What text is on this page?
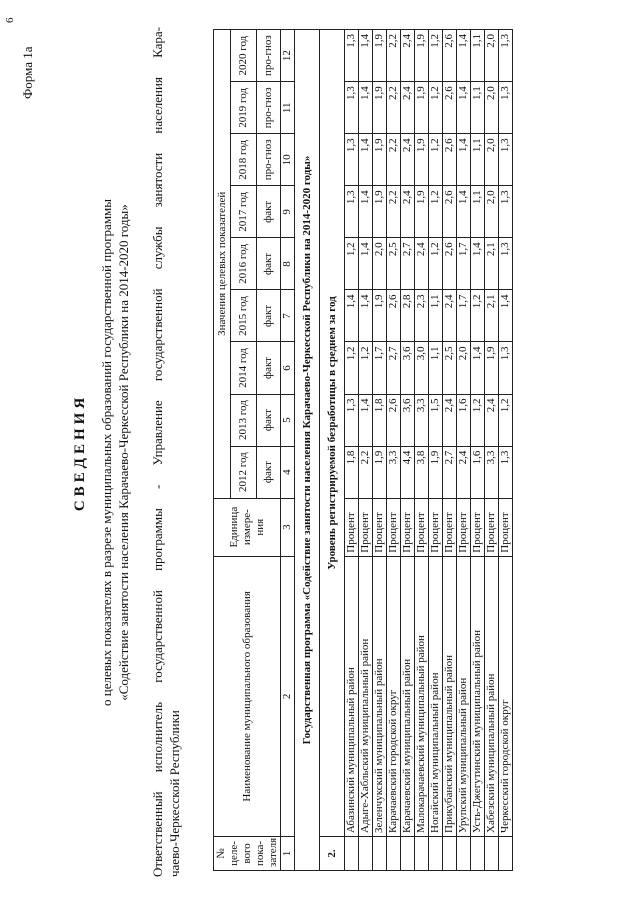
6
Форма 1а
СВЕДЕНИЯ о целевых показателях в разрезе муниципальных образований государственной программы «Содействие занятости населения Карачаево-Черкесской Республики на 2014-2020 годы» Ответственный исполнитель государственной программы - Управление государственной службы занятости населения Кара- чаево-Черкесской Республики	№ целе-вого пока-зателя	Наименование муниципального образования	Единица измере-ния	Значения целевых показателей								
			2012 год	2013 год	2014 год	2015 год	2016 год	2017 год	2018 год	2019 год	2020 год
			факт	факт	факт	факт	факт	факт	про-гноз	про-гноз	про-гноз
1	2	3	4	5	6	7	8	9	10	11	12
Государственная программа «Содействие занятости населения Карачаево-Черкесской Республики на 2014-2020 годы»											
2.	Уровень регистрируемой безработицы в среднем за год										
	Абазинский муниципальный район	Процент	1,8	1,3	1,2	1,4	1,2	1,3	1,3	1,3	1,3
	Адыге-Хабльский муниципальный район	Процент	2,2	1,4	1,2	1,4	1,4	1,4	1,4	1,4	1,4
	Зеленчукский муниципальный район	Процент	1,9	1,8	1,7	1,9	2,0	1,9	1,9	1,9	1,9
	Карачаевский городской округ	Процент	3,3	2,6	2,7	2,6	2,5	2,2	2,2	2,2	2,2
	Карачаевский муниципальный район	Процент	4,4	3,6	3,6	2,8	2,7	2,4	2,4	2,4	2,4
	Малокарачаевский муниципальный район	Процент	3,8	3,3	3,0	2,3	2,4	1,9	1,9	1,9	1,9
	Ногайский муниципальный район	Процент	1,9	1,5	1,1	1,1	1,2	1,2	1,2	1,2	1,2
	Прикубанский муниципальный район	Процент	2,7	2,4	2,5	2,4	2,6	2,6	2,6	2,6	2,6
	Урупский муниципальный район	Процент	2,4	1,6	2,0	1,7	1,7	1,4	1,4	1,4	1,4
	Усть-Джегутинский муниципальный район	Процент	1,6	1,2	1,4	1,2	1,4	1,1	1,1	1,1	1,1
	Хабезский муниципальный район	Процент	3,3	2,4	1,9	2,1	2,1	2,0	2,0	2,0	2,0
	Черкесский городской округ	Процент	1,3	1,2	1,3	1,4	1,3	1,3	1,3	1,3	1,3
